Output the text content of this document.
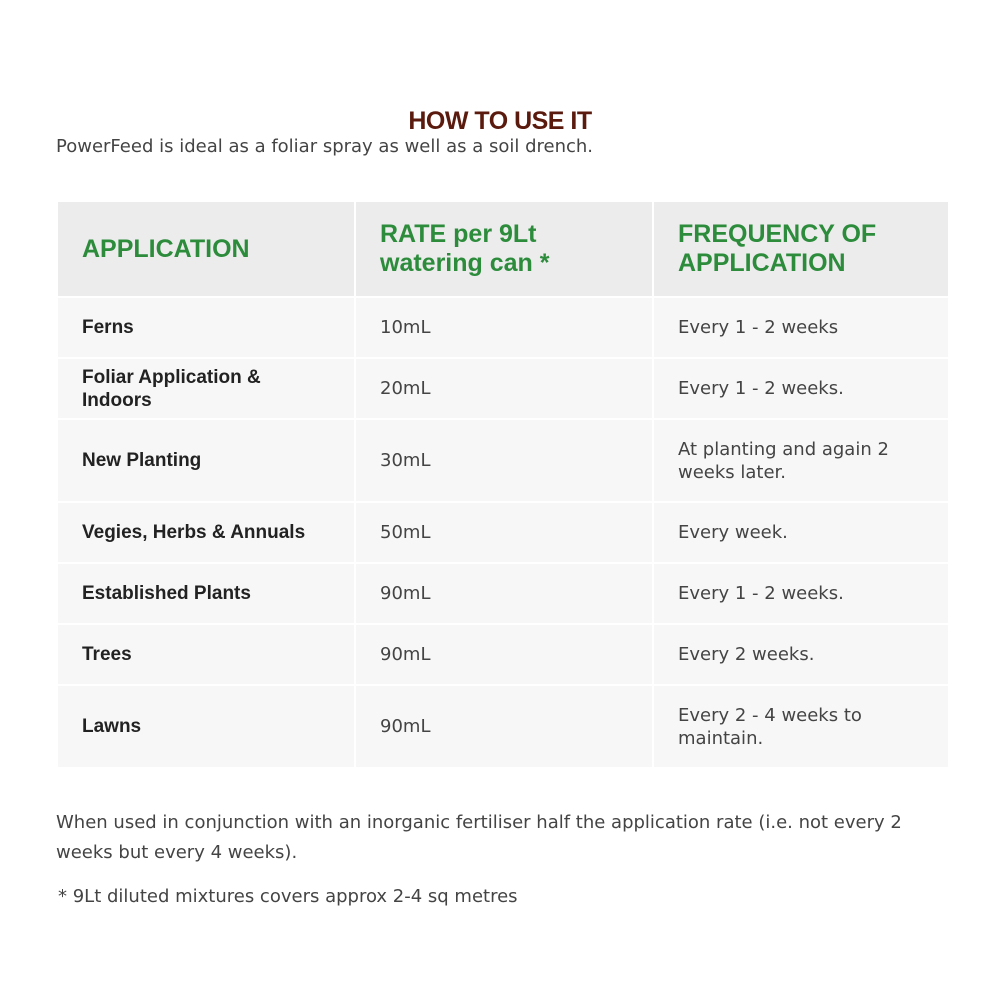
HOW TO USE IT

PowerFeed is ideal as a foliar spray as well as a soil drench.

APPLICATION	RATE per 9Lt watering can *	FREQUENCY OF APPLICATION
Ferns	10mL	Every 1 - 2 weeks
Foliar Application & Indoors	20mL	Every 1 - 2 weeks.
New Planting	30mL	At planting and again 2 weeks later.
Vegies, Herbs & Annuals	50mL	Every week.
Established Plants	90mL	Every 1 - 2 weeks.
Trees	90mL	Every 2 weeks.
Lawns	90mL	Every 2 - 4 weeks to maintain.

When used in conjunction with an inorganic fertiliser half the application rate (i.e. not every 2 weeks but every 4 weeks).

* 9Lt diluted mixtures covers approx 2-4 sq metres
